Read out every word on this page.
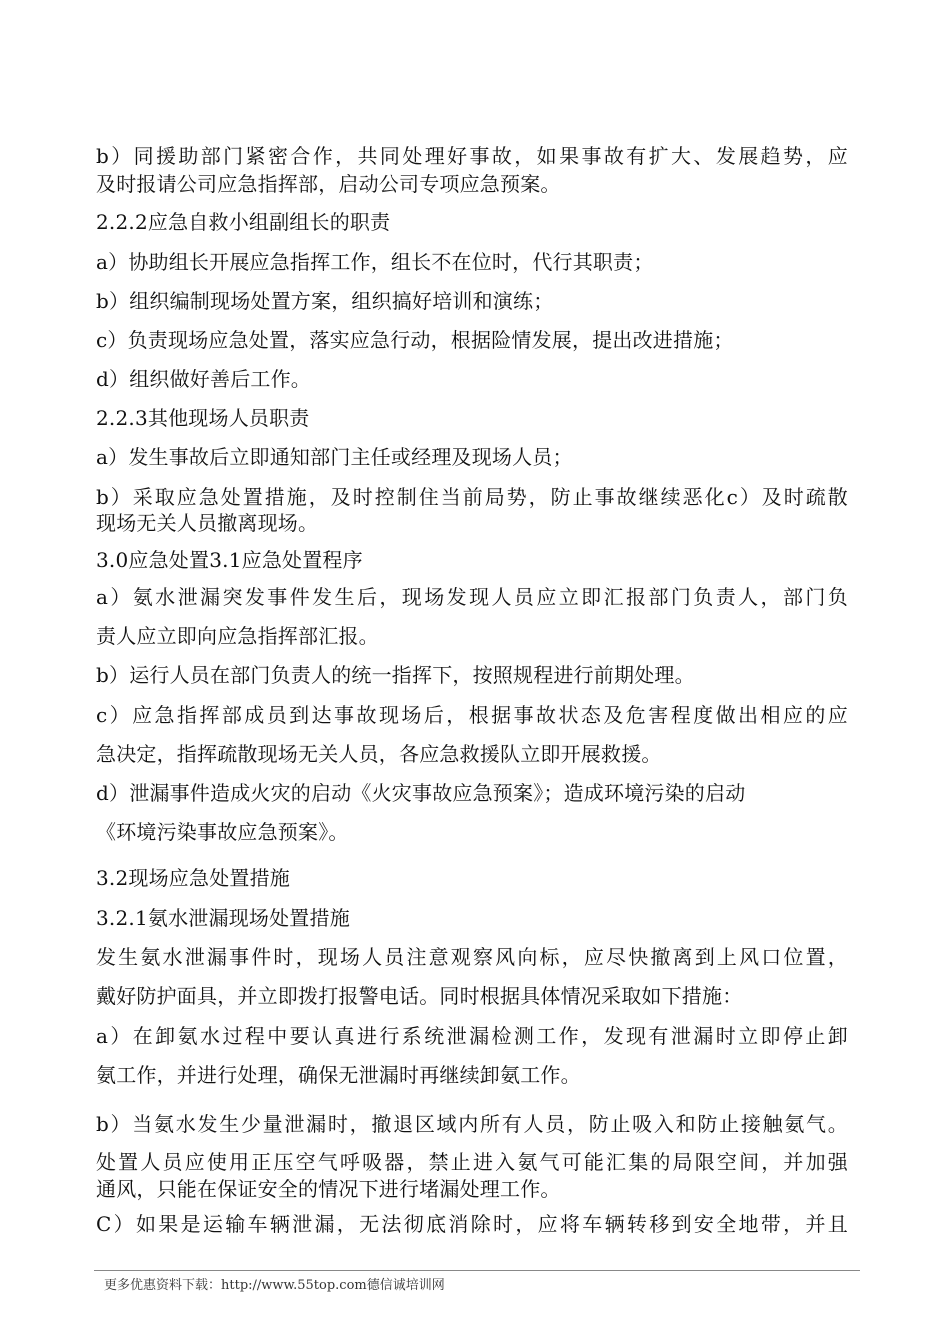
b）同援助部门紧密合作，共同处理好事故，如果事故有扩大、发展趋势，应
及时报请公司应急指挥部，启动公司专项应急预案。
2.2.2应急自救小组副组长的职责
a）协助组长开展应急指挥工作，组长不在位时，代行其职责；
b）组织编制现场处置方案，组织搞好培训和演练；
c）负责现场应急处置，落实应急行动，根据险情发展，提出改进措施；
d）组织做好善后工作。
2.2.3其他现场人员职责
a）发生事故后立即通知部门主任或经理及现场人员；
b）采取应急处置措施，及时控制住当前局势，防止事故继续恶化c）及时疏散
现场无关人员撤离现场。
3.0应急处置3.1应急处置程序
a）氨水泄漏突发事件发生后，现场发现人员应立即汇报部门负责人，部门负
责人应立即向应急指挥部汇报。
b）运行人员在部门负责人的统一指挥下，按照规程进行前期处理。
c）应急指挥部成员到达事故现场后，根据事故状态及危害程度做出相应的应
急决定，指挥疏散现场无关人员，各应急救援队立即开展救援。
d）泄漏事件造成火灾的启动《火灾事故应急预案》；造成环境污染的启动
《环境污染事故应急预案》。
3.2现场应急处置措施
3.2.1氨水泄漏现场处置措施
发生氨水泄漏事件时，现场人员注意观察风向标，应尽快撤离到上风口位置，
戴好防护面具，并立即拨打报警电话。同时根据具体情况采取如下措施：
a）在卸氨水过程中要认真进行系统泄漏检测工作，发现有泄漏时立即停止卸
氨工作，并进行处理，确保无泄漏时再继续卸氨工作。
b）当氨水发生少量泄漏时，撤退区域内所有人员，防止吸入和防止接触氨气。
处置人员应使用正压空气呼吸器，禁止进入氨气可能汇集的局限空间，并加强
通风，只能在保证安全的情况下进行堵漏处理工作。
C）如果是运输车辆泄漏，无法彻底消除时，应将车辆转移到安全地带，并且
更多优惠资料下载：http://www.55top.com德信诚培训网
